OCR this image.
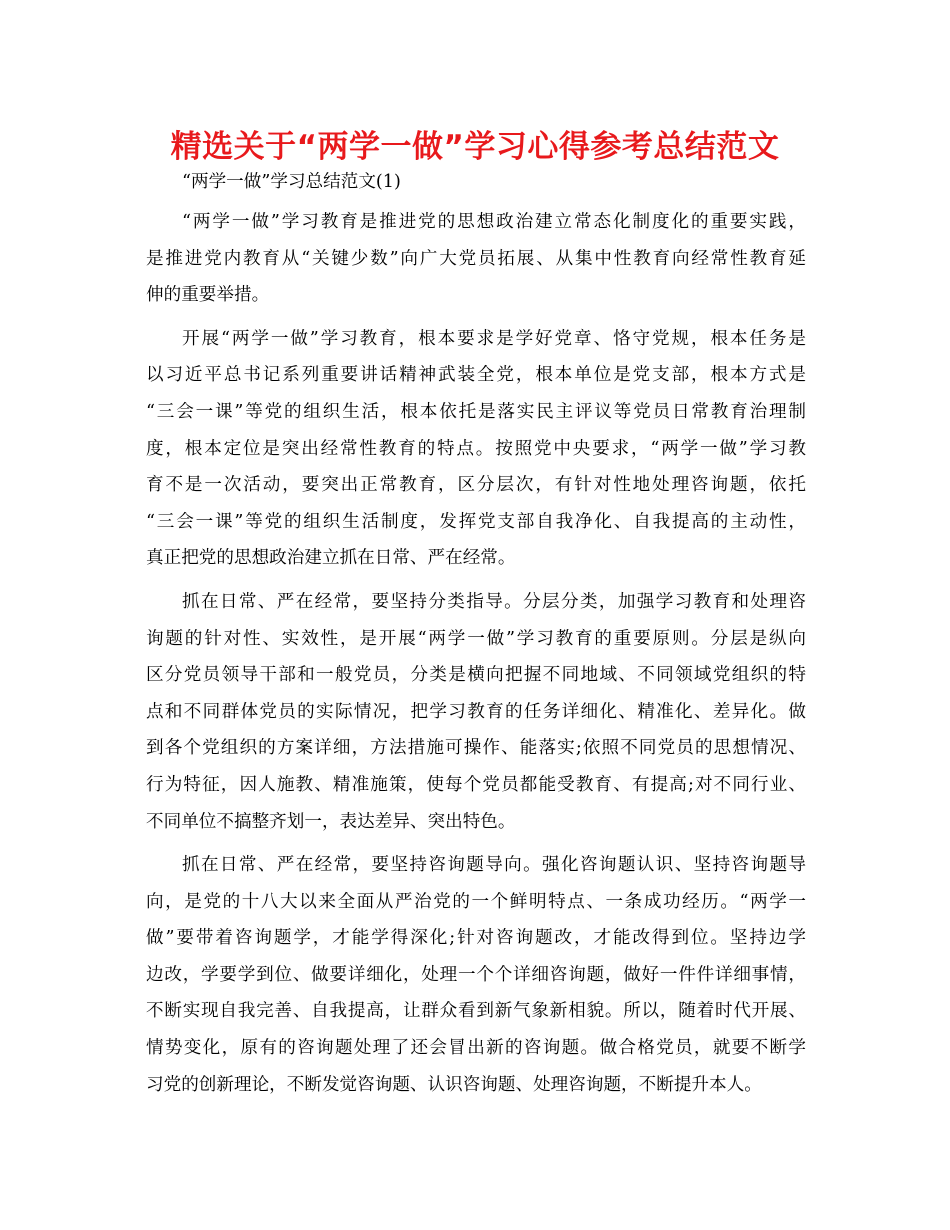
精选关于“两学一做”学习心得参考总结范文

“两学一做”学习总结范文(1)

“两学一做”学习教育是推进党的思想政治建立常态化制度化的重要实践，
是推进党内教育从“关键少数”向广大党员拓展、从集中性教育向经常性教育延
伸的重要举措。
开展“两学一做”学习教育，根本要求是学好党章、恪守党规，根本任务是
以习近平总书记系列重要讲话精神武装全党，根本单位是党支部，根本方式是
“三会一课”等党的组织生活，根本依托是落实民主评议等党员日常教育治理制
度，根本定位是突出经常性教育的特点。按照党中央要求，“两学一做”学习教
育不是一次活动，要突出正常教育，区分层次，有针对性地处理咨询题，依托
“三会一课”等党的组织生活制度，发挥党支部自我净化、自我提高的主动性，
真正把党的思想政治建立抓在日常、严在经常。
抓在日常、严在经常，要坚持分类指导。分层分类，加强学习教育和处理咨
询题的针对性、实效性，是开展“两学一做”学习教育的重要原则。分层是纵向
区分党员领导干部和一般党员，分类是横向把握不同地域、不同领域党组织的特
点和不同群体党员的实际情况，把学习教育的任务详细化、精准化、差异化。做
到各个党组织的方案详细，方法措施可操作、能落实;依照不同党员的思想情况、
行为特征，因人施教、精准施策，使每个党员都能受教育、有提高;对不同行业、
不同单位不搞整齐划一，表达差异、突出特色。
抓在日常、严在经常，要坚持咨询题导向。强化咨询题认识、坚持咨询题导
向，是党的十八大以来全面从严治党的一个鲜明特点、一条成功经历。“两学一
做”要带着咨询题学，才能学得深化;针对咨询题改，才能改得到位。坚持边学
边改，学要学到位、做要详细化，处理一个个详细咨询题，做好一件件详细事情，
不断实现自我完善、自我提高，让群众看到新气象新相貌。所以，随着时代开展、
情势变化，原有的咨询题处理了还会冒出新的咨询题。做合格党员，就要不断学
习党的创新理论，不断发觉咨询题、认识咨询题、处理咨询题，不断提升本人。
